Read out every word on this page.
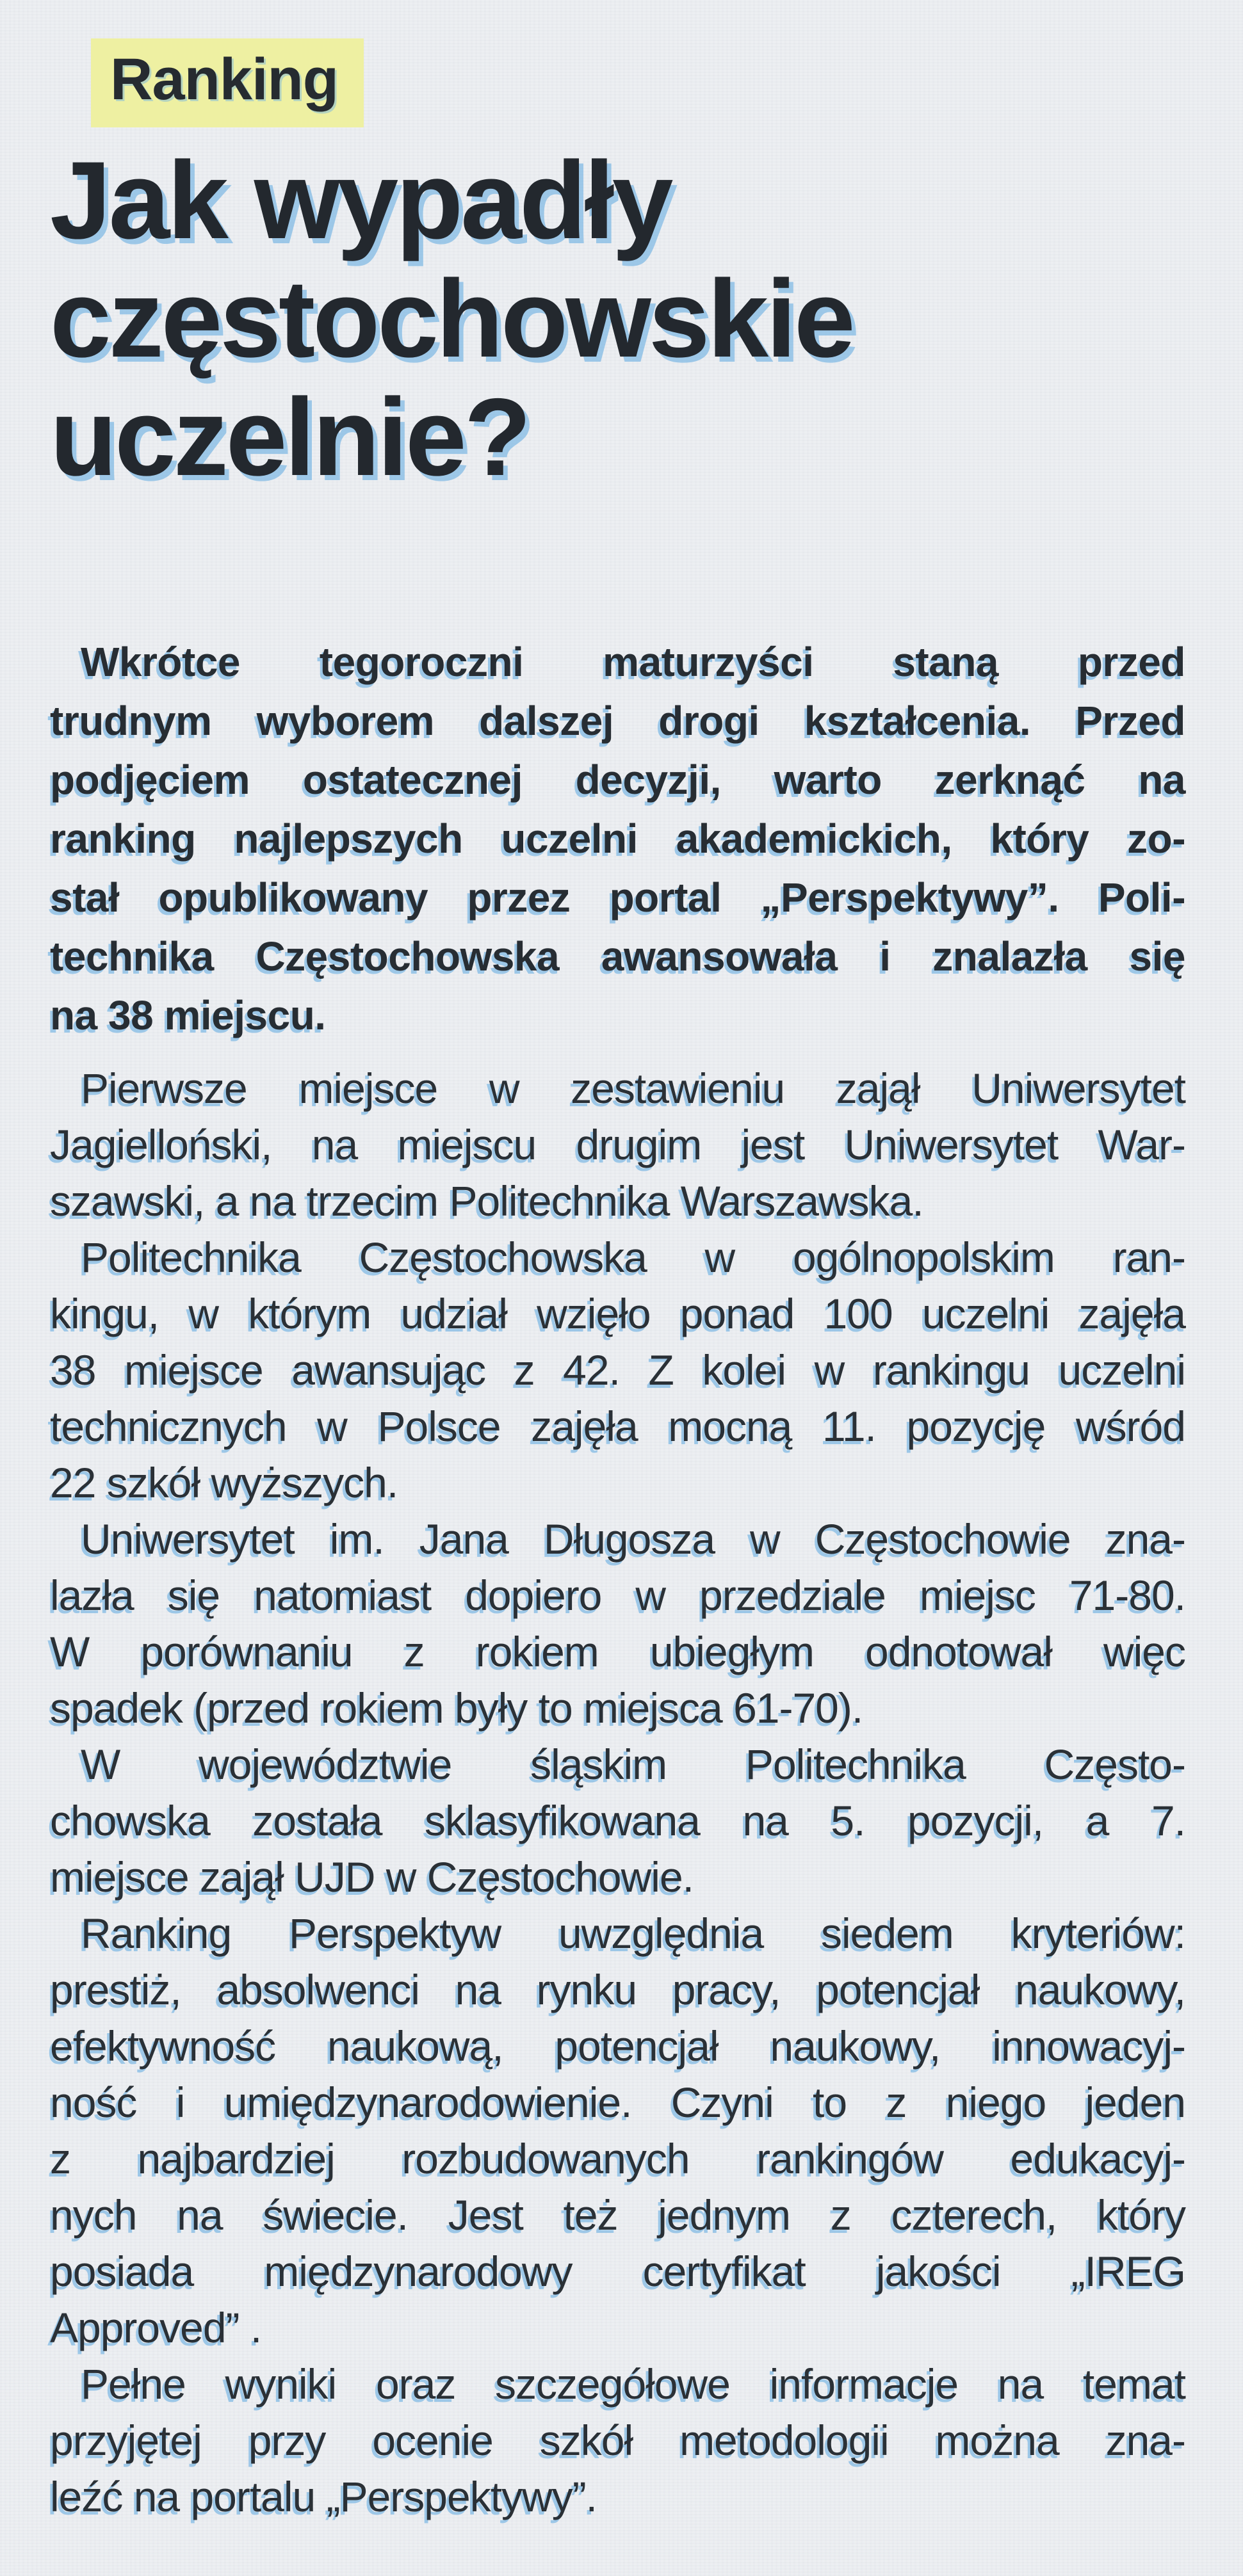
Ranking
Jak wypadły
częstochowskie
uczelnie?
Wkrótce tegoroczni maturzyści staną przed
trudnym wyborem dalszej drogi kształcenia. Przed
podjęciem ostatecznej decyzji, warto zerknąć na
ranking najlepszych uczelni akademickich, który zo-
stał opublikowany przez portal „Perspektywy”. Poli-
technika Częstochowska awansowała i znalazła się
na 38 miejscu.
Pierwsze miejsce w zestawieniu zajął Uniwersytet
Jagielloński, na miejscu drugim jest Uniwersytet War-
szawski, a na trzecim Politechnika Warszawska.
Politechnika Częstochowska w ogólnopolskim ran-
kingu, w którym udział wzięło ponad 100 uczelni zajęła
38 miejsce awansując z 42. Z kolei w rankingu uczelni
technicznych w Polsce zajęła mocną 11. pozycję wśród
22 szkół wyższych.
Uniwersytet im. Jana Długosza w Częstochowie zna-
lazła się natomiast dopiero w przedziale miejsc 71-80.
W porównaniu z rokiem ubiegłym odnotował więc
spadek (przed rokiem były to miejsca 61-70).
W województwie śląskim Politechnika Często-
chowska została sklasyfikowana na 5. pozycji, a 7.
miejsce zajął UJD w Częstochowie.
Ranking Perspektyw uwzględnia siedem kryteriów:
prestiż, absolwenci na rynku pracy, potencjał naukowy,
efektywność naukową, potencjał naukowy, innowacyj-
ność i umiędzynarodowienie. Czyni to z niego jeden
z najbardziej rozbudowanych rankingów edukacyj-
nych na świecie. Jest też jednym z czterech, który
posiada międzynarodowy certyfikat jakości „IREG
Approved” .
Pełne wyniki oraz szczegółowe informacje na temat
przyjętej przy ocenie szkół metodologii można zna-
leźć na portalu „Perspektywy”.
